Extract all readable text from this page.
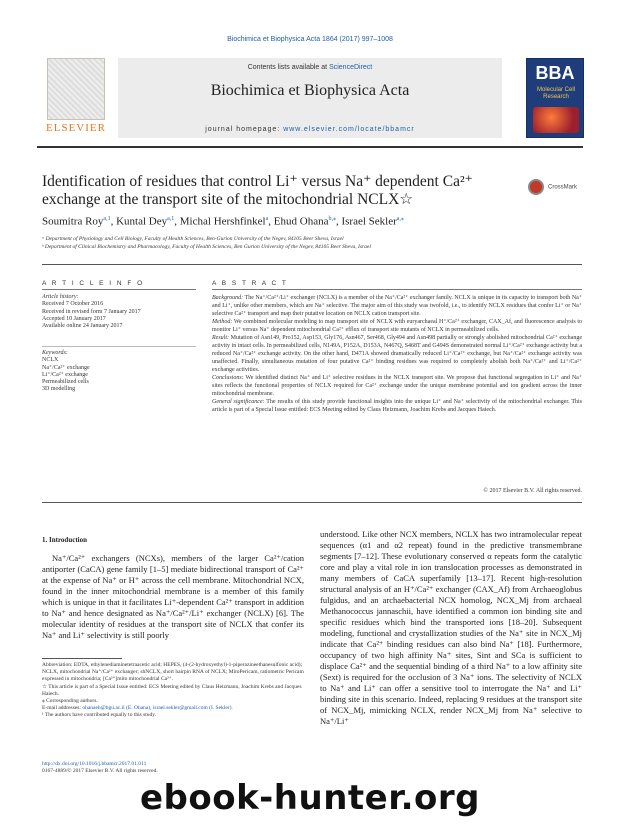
Biochimica et Biophysica Acta 1864 (2017) 997–1008
Contents lists available at ScienceDirect
Biochimica et Biophysica Acta
journal homepage: www.elsevier.com/locate/bbamcr
ELSEVIER
BBA
Molecular Cell Research
Identification of residues that control Li⁺ versus Na⁺ dependent Ca²⁺ exchange at the transport site of the mitochondrial NCLX☆
CrossMark
Soumitra Roy$^{a,1}$, Kuntal Dey$^{a,1}$, Michal Hershfinkel$^a$, Ehud Ohana$^{b,⁎}$, Israel Sekler$^{a,⁎}$
ᵃ Department of Physiology and Cell Biology, Faculty of Health Sciences, Ben-Gurion University of the Negev, 84105 Beer Sheva, Israel
ᵇ Department of Clinical Biochemistry and Pharmacology, Faculty of Health Sciences, Ben Gurion University of the Negev, 84105 Beer Sheva, Israel
A R T I C L E I N F O
Article history:
Received 7 October 2016
Received in revised form 7 January 2017
Accepted 10 January 2017
Available online 24 January 2017
Keywords:
NCLX
Na⁺/Ca²⁺ exchange
Li⁺/Ca²⁺ exchange
Permeabilized cells
3D modelling
A B S T R A C T

Background: The Na⁺/Ca²⁺/Li⁺ exchanger (NCLX) is a member of the Na⁺/Ca²⁺ exchanger family. NCLX is unique in its capacity to transport both Na⁺ and Li⁺, unlike other members, which are Na⁺ selective. The major aim of this study was twofold, i.e., to identify NCLX residues that confer Li⁺ or Na⁺ selective Ca²⁺ transport and map their putative location on NCLX cation transport site.

Method: We combined molecular modeling to map transport site of NCLX with euryarchaeal H⁺/Ca²⁺ exchanger, CAX_Af, and fluorescence analysis to monitor Li⁺ versus Na⁺ dependent mitochondrial Ca²⁺ efflux of transport site mutants of NCLX in permeabilized cells.

Result: Mutation of Asn149, Pro152, Asp153, Gly176, Asn467, Ser468, Gly494 and Asn498 partially or strongly abolished mitochondrial Ca²⁺ exchange activity in intact cells. In permeabilized cells, N149A, P152A, D153A, N467Q, S468T and G494S demonstrated normal Li⁺/Ca²⁺ exchange activity but a reduced Na⁺/Ca²⁺ exchange activity. On the other hand, D471A showed dramatically reduced Li⁺/Ca²⁺ exchange, but Na⁺/Ca²⁺ exchange activity was unaffected. Finally, simultaneous mutation of four putative Ca²⁺ binding residues was required to completely abolish both Na⁺/Ca²⁺ and Li⁺/Ca²⁺ exchange activities.

Conclusions: We identified distinct Na⁺ and Li⁺ selective residues in the NCLX transport site. We propose that functional segregation in Li⁺ and Na⁺ sites reflects the functional properties of NCLX required for Ca²⁺ exchange under the unique membrane potential and ion gradient across the inner mitochondrial membrane.

General significance: The results of this study provide functional insights into the unique Li⁺ and Na⁺ selectivity of the mitochondrial exchanger. This article is part of a Special Issue entitled: ECS Meeting edited by Claus Heizmann, Joachim Krebs and Jacques Haiech.

© 2017 Elsevier B.V. All rights reserved.
1. Introduction
Na⁺/Ca²⁺ exchangers (NCXs), members of the larger Ca²⁺/cation antiporter (CaCA) gene family [1–5] mediate bidirectional transport of Ca²⁺ at the expense of Na⁺ or H⁺ across the cell membrane. Mitochondrial NCX, found in the inner mitochondrial membrane is a member of this family which is unique in that it facilitates Li⁺-dependent Ca²⁺ transport in addition to Na⁺ and hence designated as Na⁺/Ca²⁺/Li⁺ exchanger (NCLX) [6]. The molecular identity of residues at the transport site of NCLX that confer its Na⁺ and Li⁺ selectivity is still poorly
understood. Like other NCX members, NCLX has two intramolecular repeat sequences (α1 and α2 repeat) found in the predictive transmembrane segments [7–12]. These evolutionary conserved α repeats form the catalytic core and play a vital role in ion translocation processes as demonstrated in many members of CaCA superfamily [13–17]. Recent high-resolution structural analysis of an H⁺/Ca²⁺ exchanger (CAX_Af) from Archaeoglobus fulgidus, and an archaebacterial NCX homolog, NCX_Mj from archaeal Methanococcus jannaschii, have identified a common ion binding site and specific residues which bind the transported ions [18–20]. Subsequent modeling, functional and crystallization studies of the Na⁺ site in NCX_Mj indicate that Ca²⁺ binding residues can also bind Na⁺ [18]. Furthermore, occupancy of two high affinity Na⁺ sites, Sint and SCa is sufficient to displace Ca²⁺ and the sequential binding of a third Na⁺ to a low affinity site (Sext) is required for the occlusion of 3 Na⁺ ions. The selectivity of NCLX to Na⁺ and Li⁺ can offer a sensitive tool to interrogate the Na⁺ and Li⁺ binding site in this scenario. Indeed, replacing 9 residues at the transport site of NCX_Mj, mimicking NCLX, render NCX_Mj from Na⁺ selective to Na⁺/Li⁺

Abbreviation: EDTA, ethylenediaminetetraacetic acid; HEPES, (4-(2-hydroxyethyl)-1-piperazineethanesulfonic acid); NCLX, mitochondrial Na⁺/Ca²⁺ exchanger; shNCLX, short hairpin RNA of NCLX; MitoPericam, ratiometric Pericam expressed in mitochondria; [Ca²⁺]mito mitochondrial Ca²⁺.

☆ This article is part of a Special Issue entitled: ECS Meeting edited by Claus Heizmann, Joachim Krebs and Jacques Haiech.

⁎ Corresponding authors.

E-mail addresses: ohanaeh@bgu.ac.il (E. Ohana), israel.sekler@gmail.com (I. Sekler).

¹ The authors have contributed equally to this study.

http://dx.doi.org/10.1016/j.bbamcr.2017.01.011
0167-4889/© 2017 Elsevier B.V. All rights reserved.
ebook-hunter.org
